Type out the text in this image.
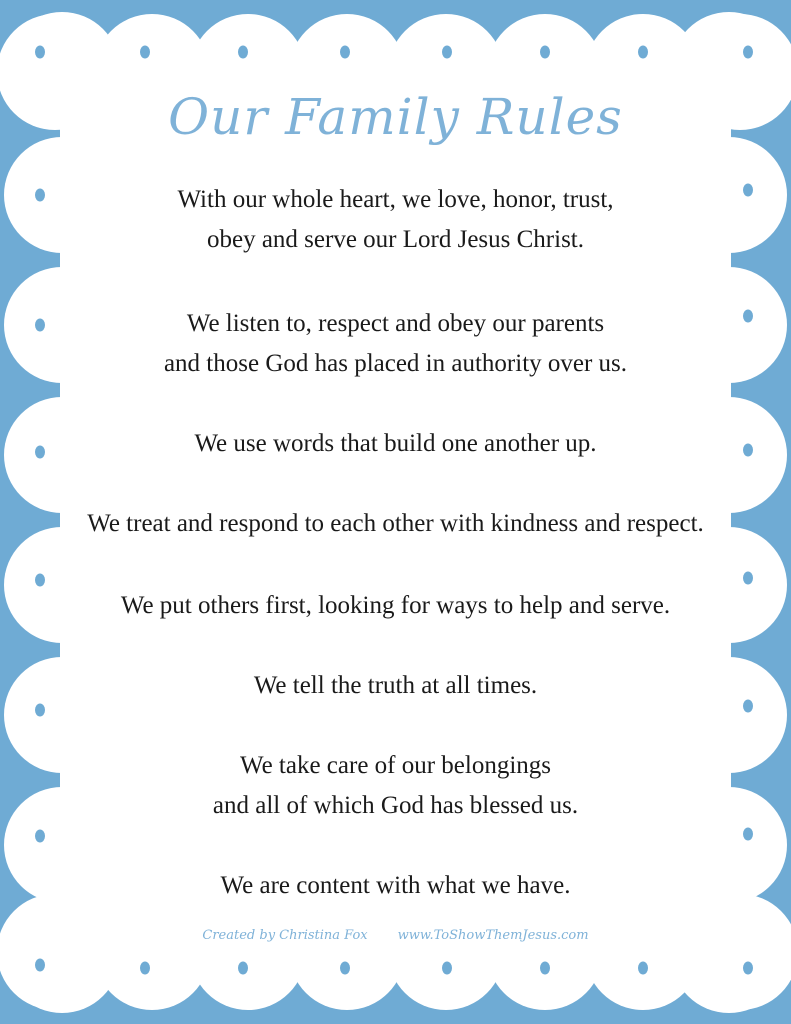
Our Family Rules
With our whole heart, we love, honor, trust,
obey and serve our Lord Jesus Christ.
We listen to, respect and obey our parents
and those God has placed in authority over us.
We use words that build one another up.
We treat and respond to each other with kindness and respect.
We put others first, looking for ways to help and serve.
We tell the truth at all times.
We take care of our belongings
and all of which God has blessed us.
We are content with what we have.
Created by Christina Fox www.ToShowThemJesus.com
